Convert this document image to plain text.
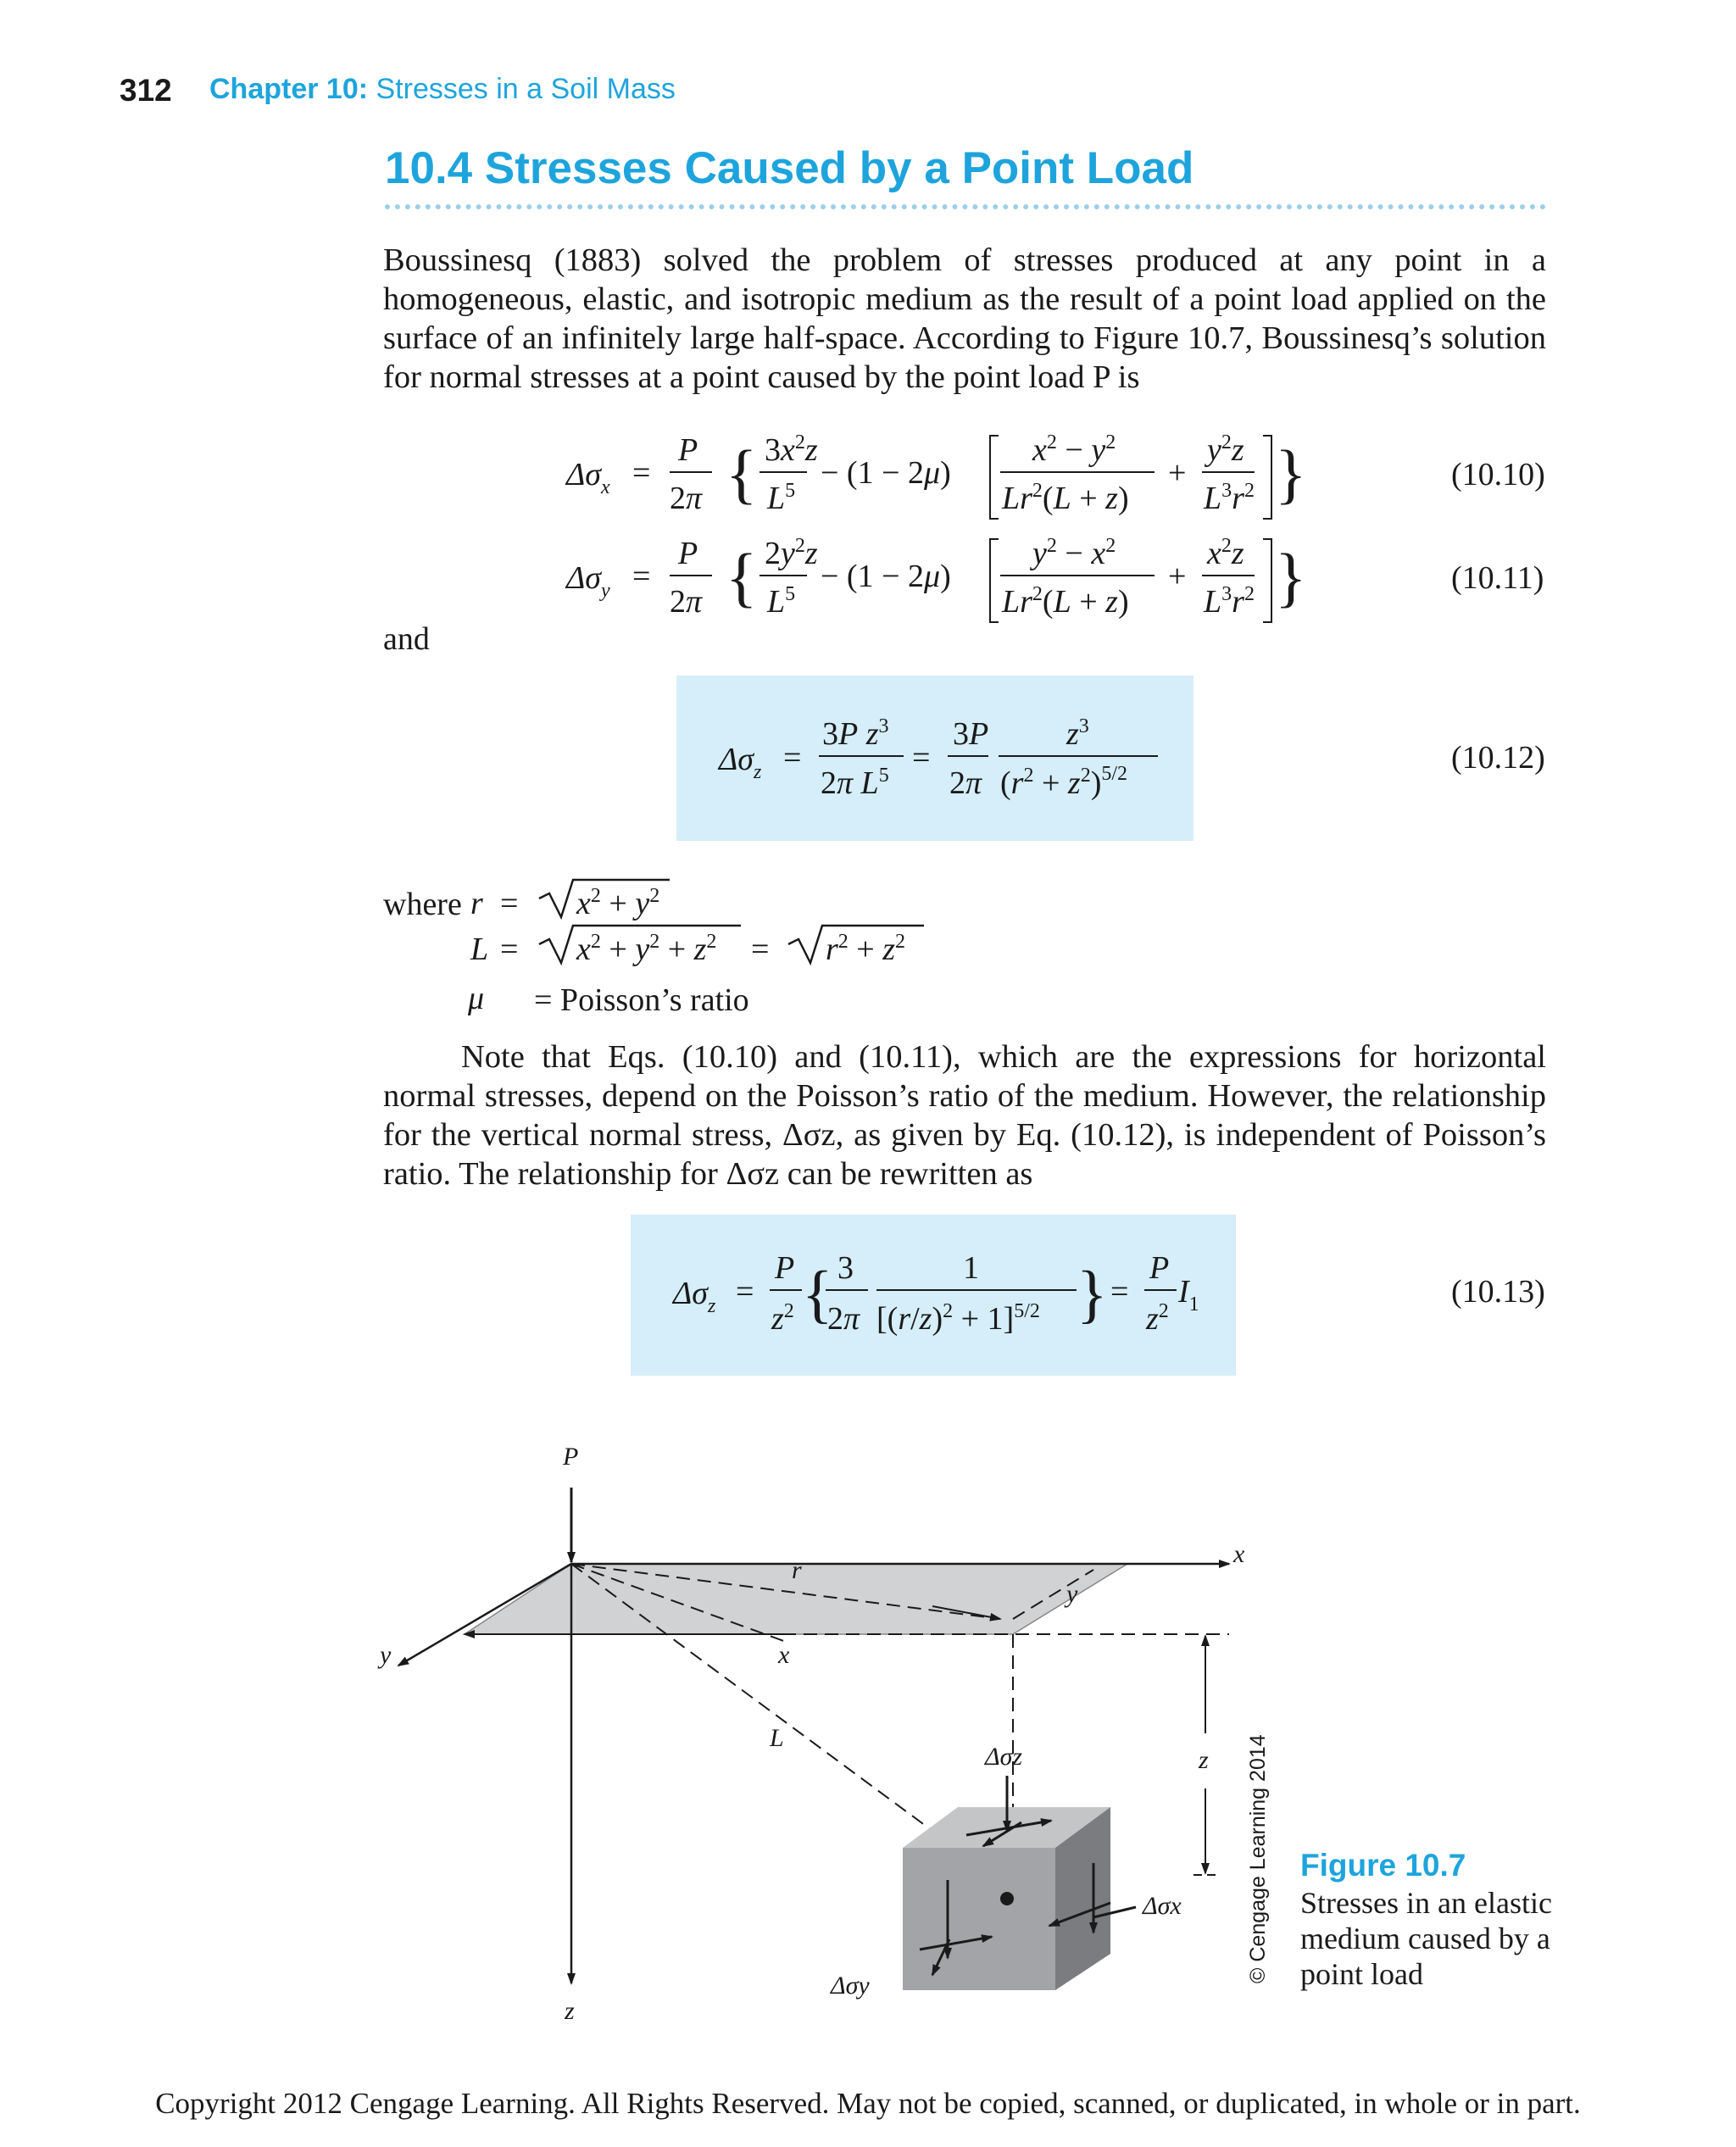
312 Chapter 10: Stresses in a Soil Mass
10.4 Stresses Caused by a Point Load
Boussinesq (1883) solved the problem of stresses produced at any point in a homogeneous, elastic, and isotropic medium as the result of a point load applied on the surface of an infinitely large half-space. According to Figure 10.7, Boussinesq’s solution for normal stresses at a point caused by the point load P is
(10.10)
(10.11)
(10.12)
(10.13)
and
where
= Poisson’s ratio
Note that Eqs. (10.10) and (10.11), which are the expressions for horizontal normal stresses, depend on the Poisson’s ratio of the medium. However, the relationship for the vertical normal stress, Δσz, as given by Eq. (10.12), is independent of Poisson’s ratio. The relationship for Δσz can be rewritten as
$\Delta\sigma_x$ =
P
2π { $3x^2z$
$L^5 - (1 - 2\mu)$
$x^2 - y^2$
$Lr^2(L + z)$
+
$y^2z$
$L^3r^2$ }
$\Delta\sigma_y$ =
P
2π { $2y^2z$
$L^5 - (1 - 2\mu)$
$y^2 - x^2$
$Lr^2(L + z)$
+
$x^2z$
$L^3r^2$ }
$\Delta\sigma_z$ =
3P $z^3$
2π $L^5$ =
3P
2π
$z^3$
$(r^2 + z^2)^{5/2}$
$r = x^2 + y^2$
$L = x^2 + y^2 + z^2 = r^2 + z^2$
μ
$\Delta\sigma_z$ =
P
$z^2$ { 3
2π
1
$[(r/z)^2 + 1]^{5/2}$ } =
P
$z^2$
$I_1$
P
x
y
z
r
x
y
L
z
Δσz
Δσx
Δσy
Figure 10.7
Stresses in an elastic medium caused by a point load
© Cengage Learning 2014
Copyright 2012 Cengage Learning. All Rights Reserved. May not be copied, scanned, or duplicated, in whole or in part.
